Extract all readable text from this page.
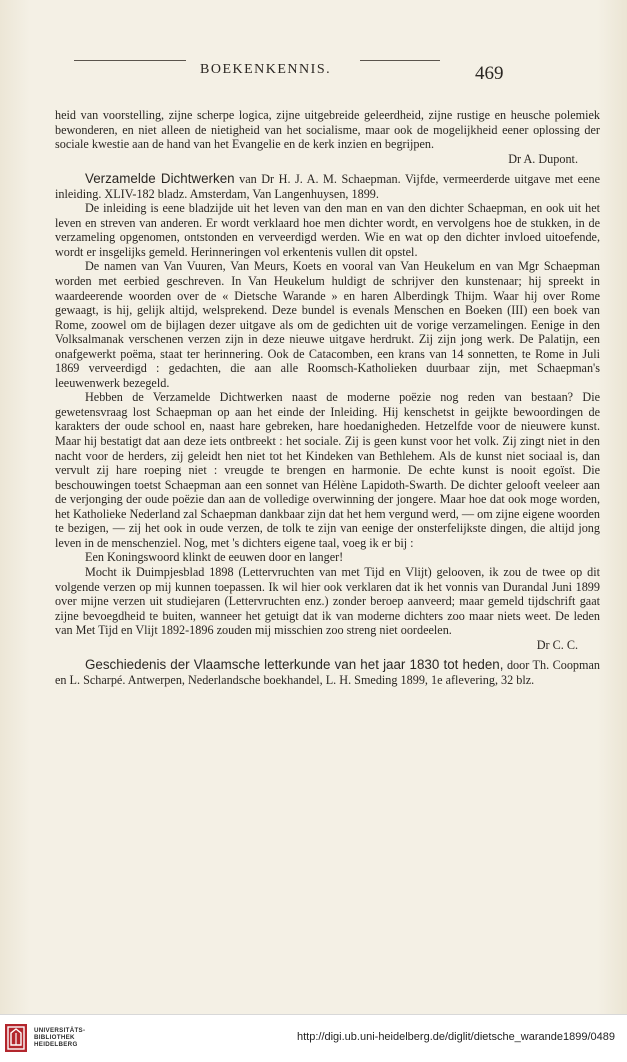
BOEKENKENNIS.	469

heid van voorstelling, zijne scherpe logica, zijne uitgebreide geleerdheid, zijne rustige en heusche polemiek bewonderen, en niet alleen de nietigheid van het socialisme, maar ook de mogelijkheid eener oplossing der sociale kwestie aan de hand van het Evangelie en de kerk inzien en begrijpen.

Dr A. Dupont.

Verzamelde Dichtwerken van Dr H. J. A. M. Schaepman. Vijfde, vermeerderde uitgave met eene inleiding. XLIV-182 bladz. Amsterdam, Van Langenhuysen, 1899.

De inleiding is eene bladzijde uit het leven van den man en van den dichter Schaepman, en ook uit het leven en streven van anderen. Er wordt verklaard hoe men dichter wordt, en vervolgens hoe de stukken, in de verzameling opgenomen, ontstonden en verveerdigd werden. Wie en wat op den dichter invloed uitoefende, wordt er insgelijks gemeld. Herinneringen vol erkentenis vullen dit opstel.

De namen van Van Vuuren, Van Meurs, Koets en vooral van Van Heukelum en van Mgr Schaepman worden met eerbied geschreven. In Van Heukelum huldigt de schrijver den kunstenaar; hij spreekt in waardeerende woorden over de « Dietsche Warande » en haren Alberdingk Thijm. Waar hij over Rome gewaagt, is hij, gelijk altijd, welsprekend. Deze bundel is evenals Menschen en Boeken (III) een boek van Rome, zoowel om de bijlagen dezer uitgave als om de gedichten uit de vorige verzamelingen. Eenige in den Volksalmanak verschenen verzen zijn in deze nieuwe uitgave herdrukt. Zij zijn jong werk. De Palatijn, een onafgewerkt poëma, staat ter herinnering. Ook de Catacomben, een krans van 14 sonnetten, te Rome in Juli 1869 verveerdigd : gedachten, die aan alle Roomsch-Katholieken duurbaar zijn, met Schaepman's leeuwenwerk bezegeld.

Hebben de Verzamelde Dichtwerken naast de moderne poëzie nog reden van bestaan? Die gewetensvraag lost Schaepman op aan het einde der Inleiding. Hij kenschetst in geijkte bewoordingen de karakters der oude school en, naast hare gebreken, hare hoedanigheden. Hetzelfde voor de nieuwere kunst. Maar hij bestatigt dat aan deze iets ontbreekt : het sociale. Zij is geen kunst voor het volk. Zij zingt niet in den nacht voor de herders, zij geleidt hen niet tot het Kindeken van Bethlehem. Als de kunst niet sociaal is, dan vervult zij hare roeping niet : vreugde te brengen en harmonie. De echte kunst is nooit egoïst. Die beschouwingen toetst Schaepman aan een sonnet van Hélène Lapidoth-Swarth. De dichter gelooft veeleer aan de verjonging der oude poëzie dan aan de volledige overwinning der jongere. Maar hoe dat ook moge worden, het Katholieke Nederland zal Schaepman dankbaar zijn dat het hem vergund werd, — om zijne eigene woorden te bezigen, — zij het ook in oude verzen, de tolk te zijn van eenige der onsterfelijkste dingen, die altijd jong leven in de menschenziel. Nog, met 's dichters eigene taal, voeg ik er bij :

Een Koningswoord klinkt de eeuwen door en langer!

Mocht ik Duimpjesblad 1898 (Lettervruchten van met Tijd en Vlijt) gelooven, ik zou de twee op dit volgende verzen op mij kunnen toepassen. Ik wil hier ook verklaren dat ik het vonnis van Durandal Juni 1899 over mijne verzen uit studiejaren (Lettervruchten enz.) zonder beroep aanveerd; maar gemeld tijdschrift gaat zijne bevoegdheid te buiten, wanneer het getuigt dat ik van moderne dichters zoo maar niets weet. De leden van Met Tijd en Vlijt 1892-1896 zouden mij misschien zoo streng niet oordeelen.

Dr C. C.

Geschiedenis der Vlaamsche letterkunde van het jaar 1830 tot heden, door Th. Coopman en L. Scharpé. Antwerpen, Nederlandsche boekhandel, L. H. Smeding 1899, 1e aflevering, 32 blz.

UNIVERSITÄTS-
BIBLIOTHEK
HEIDELBERG
http://digi.ub.uni-heidelberg.de/diglit/dietsche_warande1899/0489
